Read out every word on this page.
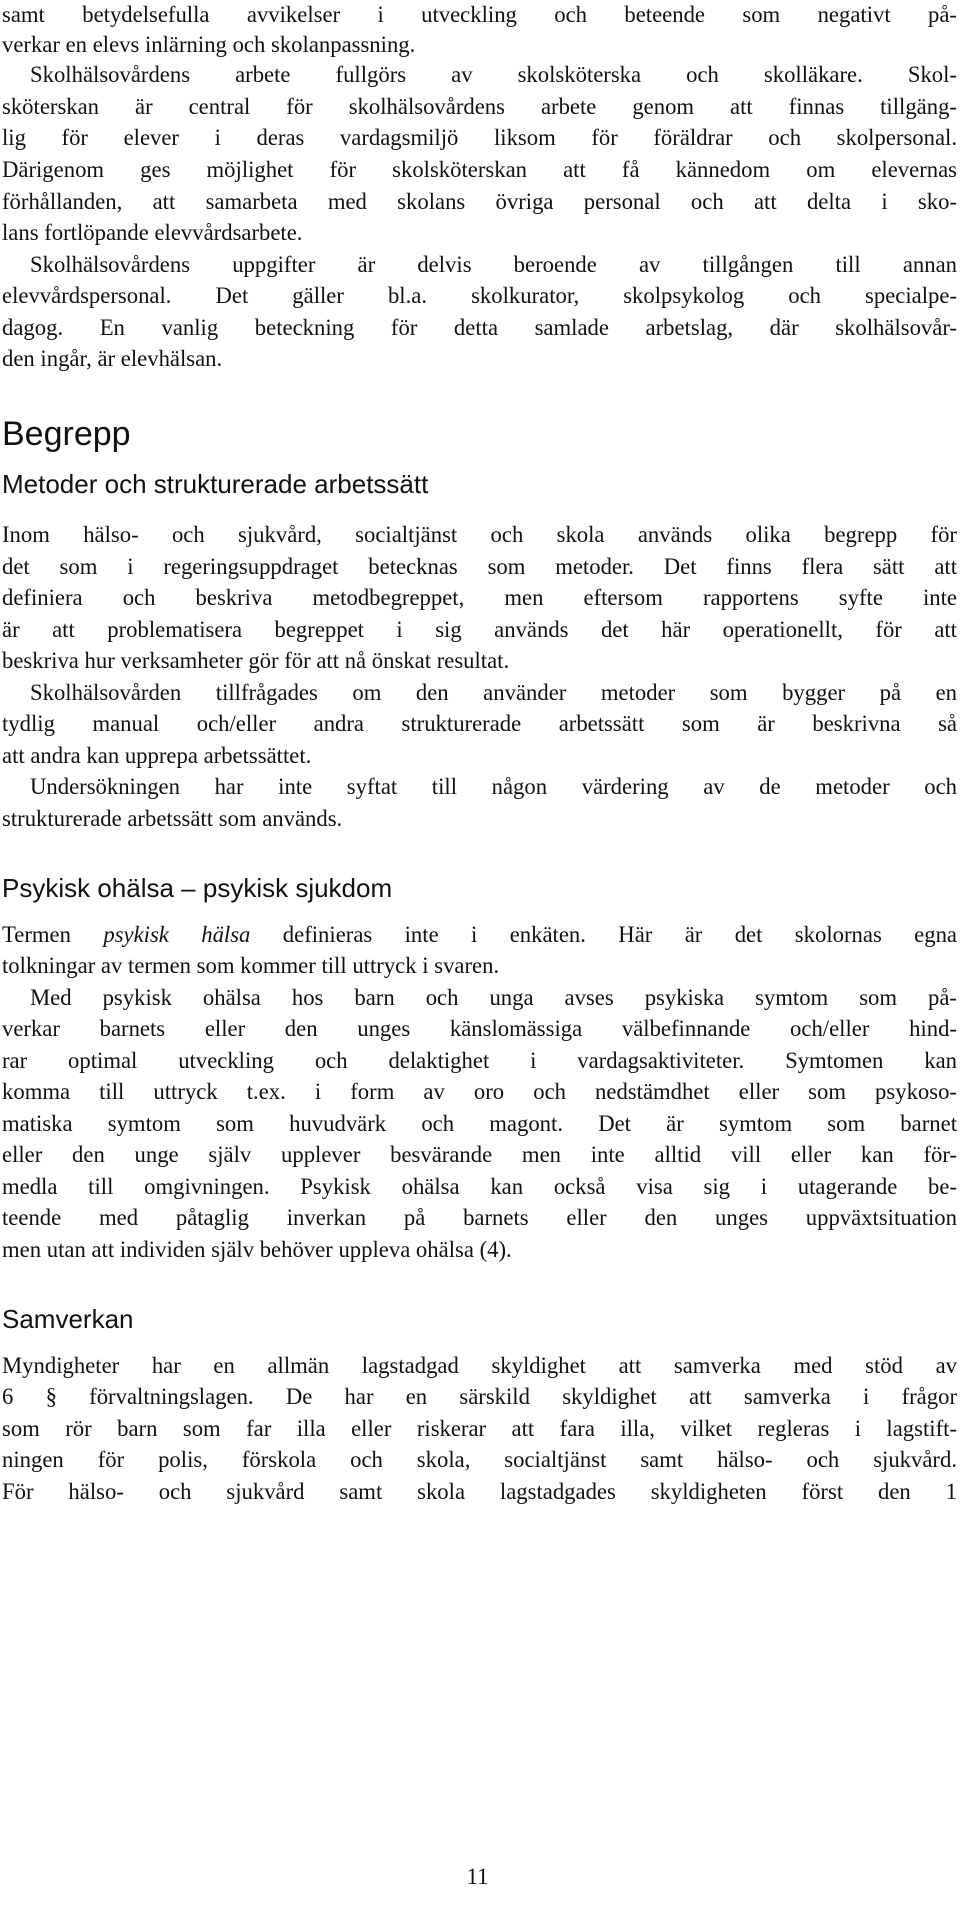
samt betydelsefulla avvikelser i utveckling och beteende som negativt på-
verkar en elevs inlärning och skolanpassning.
Skolhälsovårdens arbete fullgörs av skolsköterska och skolläkare. Skol-
sköterskan är central för skolhälsovårdens arbete genom att finnas tillgäng-
lig för elever i deras vardagsmiljö liksom för föräldrar och skolpersonal.
Därigenom ges möjlighet för skolsköterskan att få kännedom om elevernas
förhållanden, att samarbeta med skolans övriga personal och att delta i sko-
lans fortlöpande elevvårdsarbete.
Skolhälsovårdens uppgifter är delvis beroende av tillgången till annan
elevvårdspersonal. Det gäller bl.a. skolkurator, skolpsykolog och specialpe-
dagog. En vanlig beteckning för detta samlade arbetslag, där skolhälsovår-
den ingår, är elevhälsan.
Begrepp
Metoder och strukturerade arbetssätt
Inom hälso- och sjukvård, socialtjänst och skola används olika begrepp för
det som i regeringsuppdraget betecknas som metoder. Det finns flera sätt att
definiera och beskriva metodbegreppet, men eftersom rapportens syfte inte
är att problematisera begreppet i sig används det här operationellt, för att
beskriva hur verksamheter gör för att nå önskat resultat.
Skolhälsovården tillfrågades om den använder metoder som bygger på en
tydlig manual och/eller andra strukturerade arbetssätt som är beskrivna så
att andra kan upprepa arbetssättet.
Undersökningen har inte syftat till någon värdering av de metoder och
strukturerade arbetssätt som används.
Psykisk ohälsa – psykisk sjukdom
Termen psykisk hälsa definieras inte i enkäten. Här är det skolornas egna
tolkningar av termen som kommer till uttryck i svaren.
Med psykisk ohälsa hos barn och unga avses psykiska symtom som på-
verkar barnets eller den unges känslomässiga välbefinnande och/eller hind-
rar optimal utveckling och delaktighet i vardagsaktiviteter. Symtomen kan
komma till uttryck t.ex. i form av oro och nedstämdhet eller som psykoso-
matiska symtom som huvudvärk och magont. Det är symtom som barnet
eller den unge själv upplever besvärande men inte alltid vill eller kan för-
medla till omgivningen. Psykisk ohälsa kan också visa sig i utagerande be-
teende med påtaglig inverkan på barnets eller den unges uppväxtsituation
men utan att individen själv behöver uppleva ohälsa (4).
Samverkan
Myndigheter har en allmän lagstadgad skyldighet att samverka med stöd av
6 § förvaltningslagen. De har en särskild skyldighet att samverka i frågor
som rör barn som far illa eller riskerar att fara illa, vilket regleras i lagstift-
ningen för polis, förskola och skola, socialtjänst samt hälso- och sjukvård.
För hälso- och sjukvård samt skola lagstadgades skyldigheten först den 1
11
